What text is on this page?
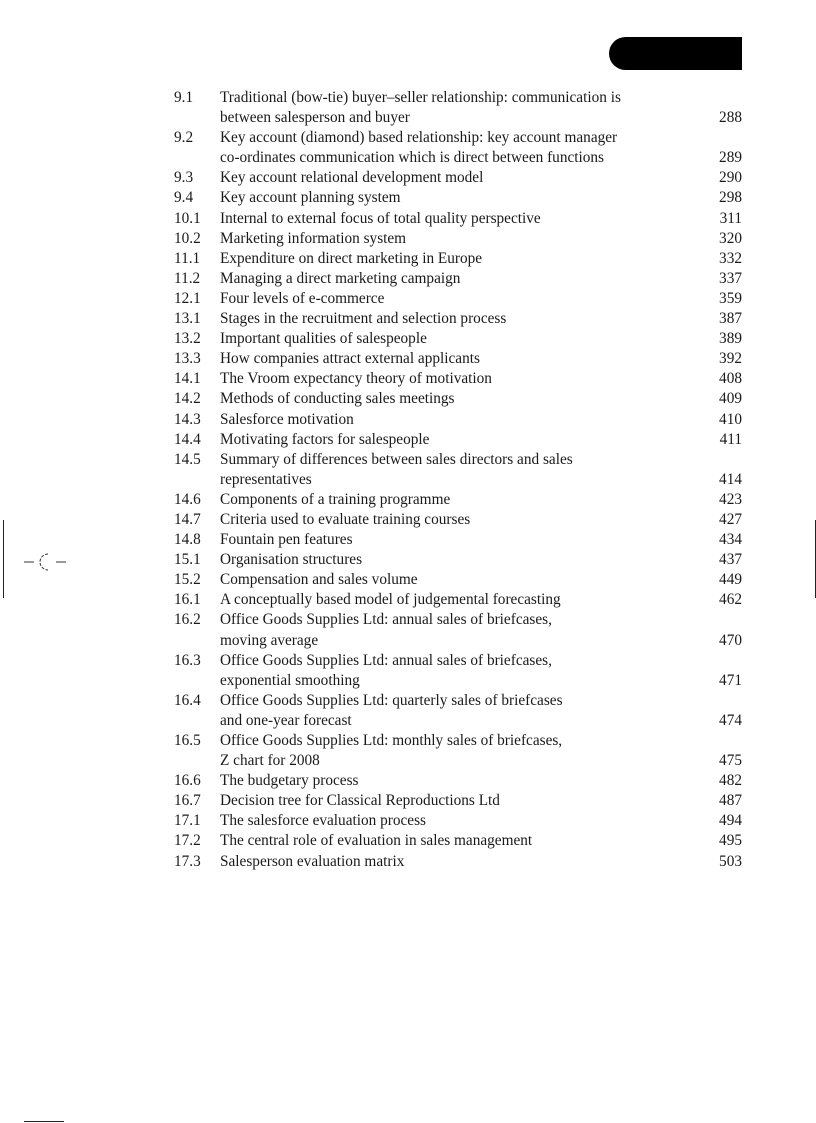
9.1	Traditional (bow-tie) buyer–seller relationship: communication is
between salesperson and buyer	288
9.2	Key account (diamond) based relationship: key account manager
co-ordinates communication which is direct between functions	289
9.3	Key account relational development model	290
9.4	Key account planning system	298
10.1	Internal to external focus of total quality perspective	311
10.2	Marketing information system	320
11.1	Expenditure on direct marketing in Europe	332
11.2	Managing a direct marketing campaign	337
12.1	Four levels of e-commerce	359
13.1	Stages in the recruitment and selection process	387
13.2	Important qualities of salespeople	389
13.3	How companies attract external applicants	392
14.1	The Vroom expectancy theory of motivation	408
14.2	Methods of conducting sales meetings	409
14.3	Salesforce motivation	410
14.4	Motivating factors for salespeople	411
14.5	Summary of differences between sales directors and sales
representatives	414
14.6	Components of a training programme	423
14.7	Criteria used to evaluate training courses	427
14.8	Fountain pen features	434
15.1	Organisation structures	437
15.2	Compensation and sales volume	449
16.1	A conceptually based model of judgemental forecasting	462
16.2	Office Goods Supplies Ltd: annual sales of briefcases,
moving average	470
16.3	Office Goods Supplies Ltd: annual sales of briefcases,
exponential smoothing	471
16.4	Office Goods Supplies Ltd: quarterly sales of briefcases
and one-year forecast	474
16.5	Office Goods Supplies Ltd: monthly sales of briefcases,
Z chart for 2008	475
16.6	The budgetary process	482
16.7	Decision tree for Classical Reproductions Ltd	487
17.1	The salesforce evaluation process	494
17.2	The central role of evaluation in sales management	495
17.3	Salesperson evaluation matrix	503
